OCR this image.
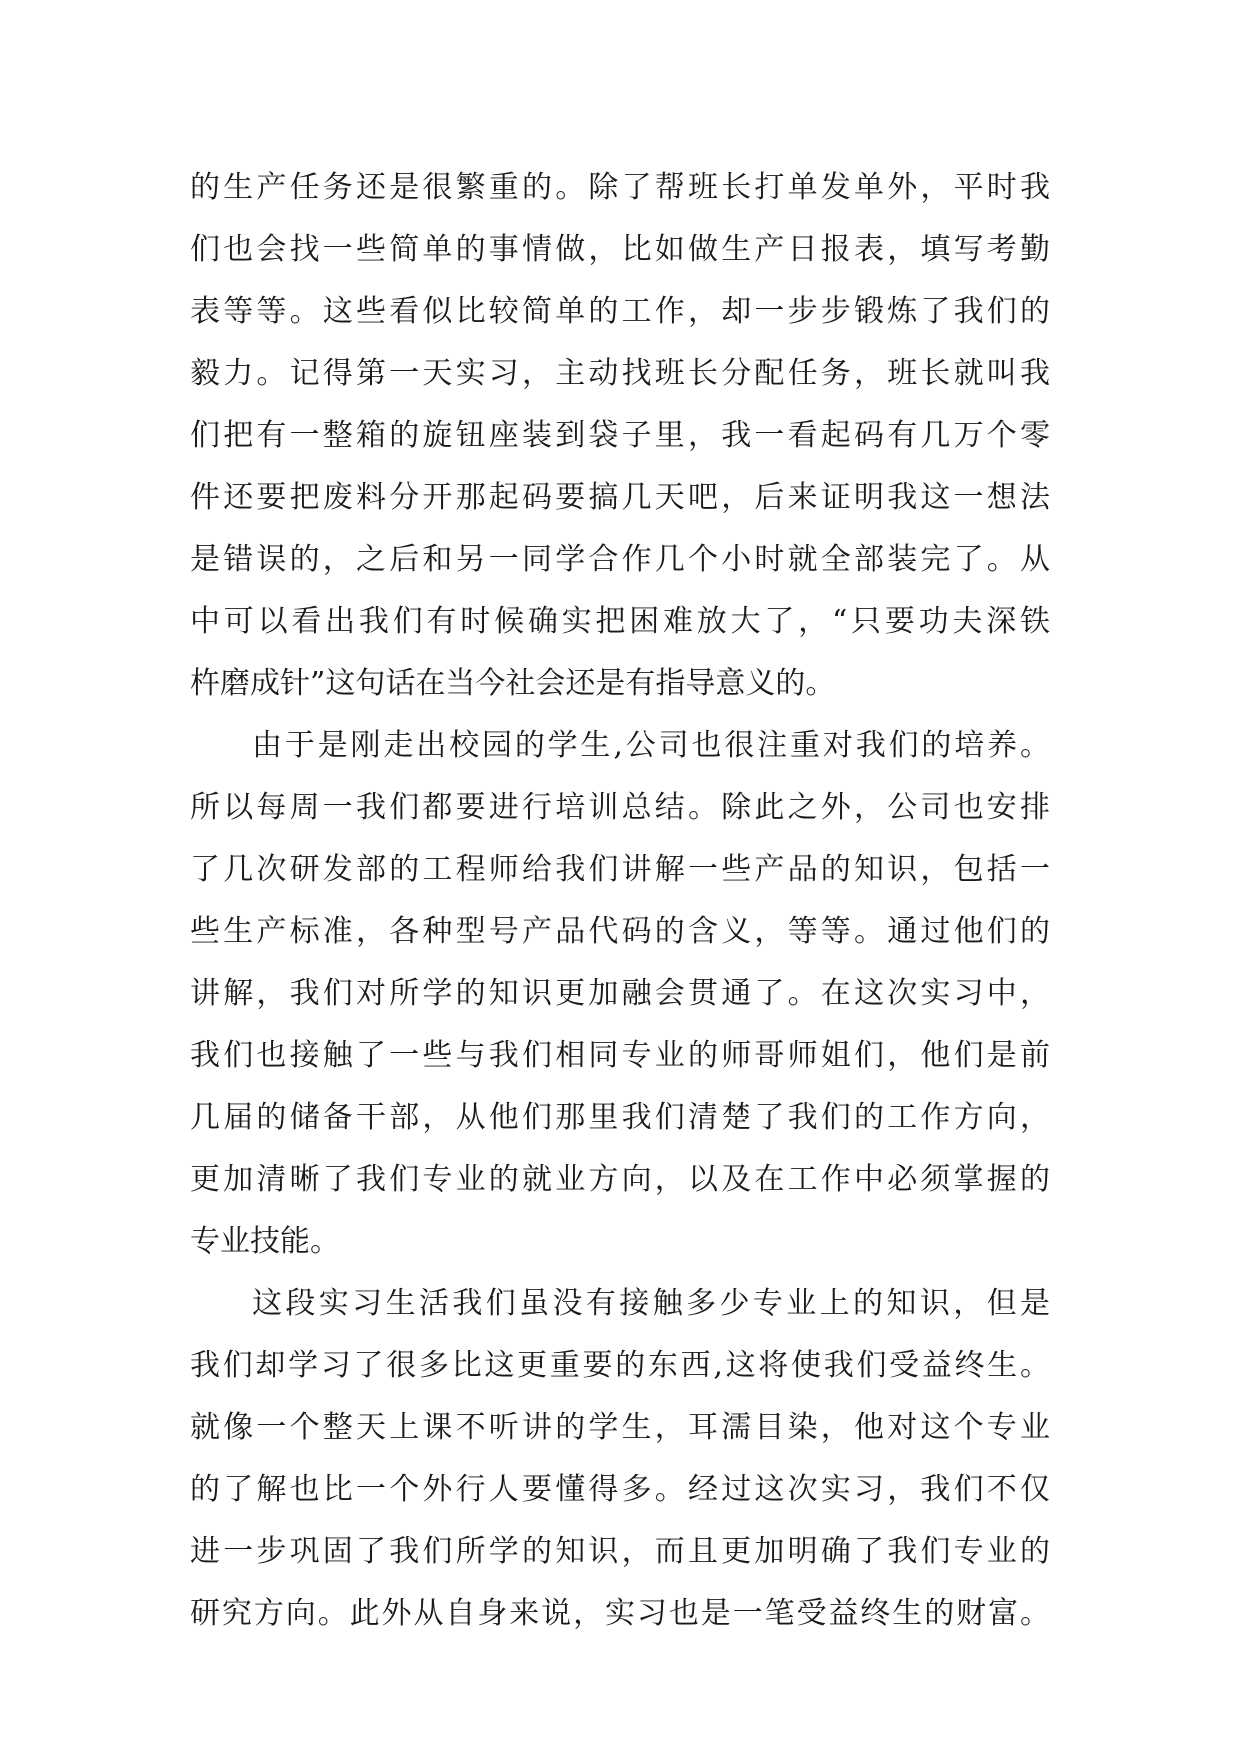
的生产任务还是很繁重的。除了帮班长打单发单外，平时我
们也会找一些简单的事情做，比如做生产日报表，填写考勤
表等等。这些看似比较简单的工作，却一步步锻炼了我们的
毅力。记得第一天实习，主动找班长分配任务，班长就叫我
们把有一整箱的旋钮座装到袋子里，我一看起码有几万个零
件还要把废料分开那起码要搞几天吧，后来证明我这一想法
是错误的，之后和另一同学合作几个小时就全部装完了。从
中可以看出我们有时候确实把困难放大了，“只要功夫深铁
杵磨成针”这句话在当今社会还是有指导意义的。
由于是刚走出校园的学生,公司也很注重对我们的培养。
所以每周一我们都要进行培训总结。除此之外，公司也安排
了几次研发部的工程师给我们讲解一些产品的知识，包括一
些生产标准，各种型号产品代码的含义，等等。通过他们的
讲解，我们对所学的知识更加融会贯通了。在这次实习中，
我们也接触了一些与我们相同专业的师哥师姐们，他们是前
几届的储备干部，从他们那里我们清楚了我们的工作方向，
更加清晰了我们专业的就业方向，以及在工作中必须掌握的
专业技能。
这段实习生活我们虽没有接触多少专业上的知识，但是
我们却学习了很多比这更重要的东西,这将使我们受益终生。
就像一个整天上课不听讲的学生，耳濡目染，他对这个专业
的了解也比一个外行人要懂得多。经过这次实习，我们不仅
进一步巩固了我们所学的知识，而且更加明确了我们专业的
研究方向。此外从自身来说，实习也是一笔受益终生的财富。
